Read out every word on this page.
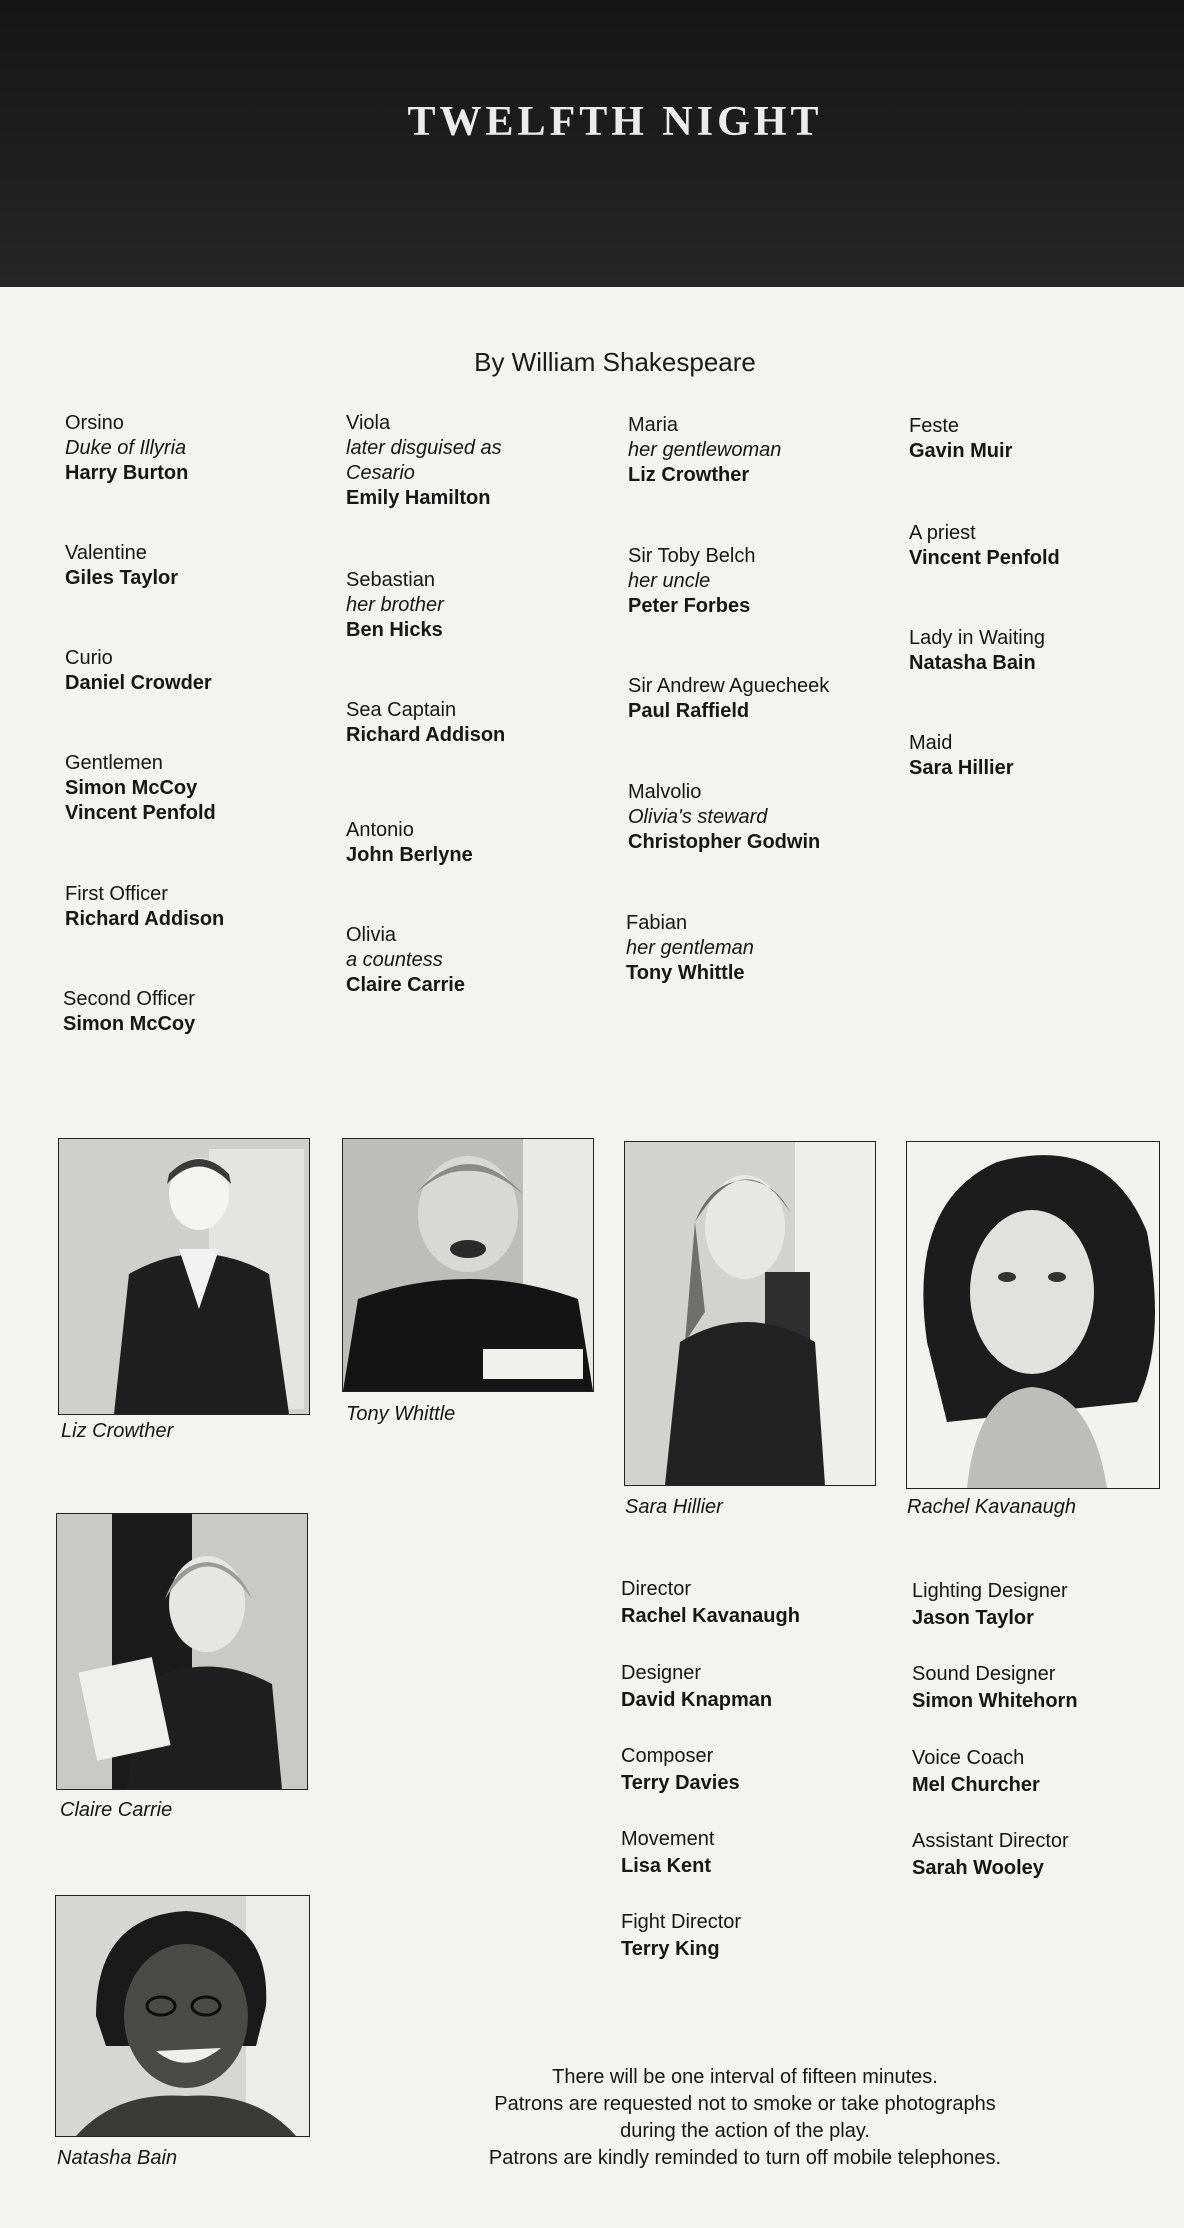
TWELFTH NIGHT
By William Shakespeare
Orsino
Duke of Illyria
Harry Burton
Valentine
Giles Taylor
Curio
Daniel Crowder
Gentlemen
Simon McCoy
Vincent Penfold
First Officer
Richard Addison
Second Officer
Simon McCoy
Viola
later disguised as
Cesario
Emily Hamilton
Sebastian
her brother
Ben Hicks
Sea Captain
Richard Addison
Antonio
John Berlyne
Olivia
a countess
Claire Carrie
Maria
her gentlewoman
Liz Crowther
Sir Toby Belch
her uncle
Peter Forbes
Sir Andrew Aguecheek
Paul Raffield
Malvolio
Olivia's steward
Christopher Godwin
Fabian
her gentleman
Tony Whittle
Feste
Gavin Muir
A priest
Vincent Penfold
Lady in Waiting
Natasha Bain
Maid
Sara Hillier
Liz Crowther
Tony Whittle
Sara Hillier	Rachel Kavanaugh
Claire Carrie
Natasha Bain
Director
Rachel Kavanaugh
Designer
David Knapman
Composer
Terry Davies
Movement
Lisa Kent
Fight Director
Terry King
Lighting Designer
Jason Taylor
Sound Designer
Simon Whitehorn
Voice Coach
Mel Churcher
Assistant Director
Sarah Wooley
There will be one interval of fifteen minutes.
Patrons are requested not to smoke or take photographs
during the action of the play.
Patrons are kindly reminded to turn off mobile telephones.
